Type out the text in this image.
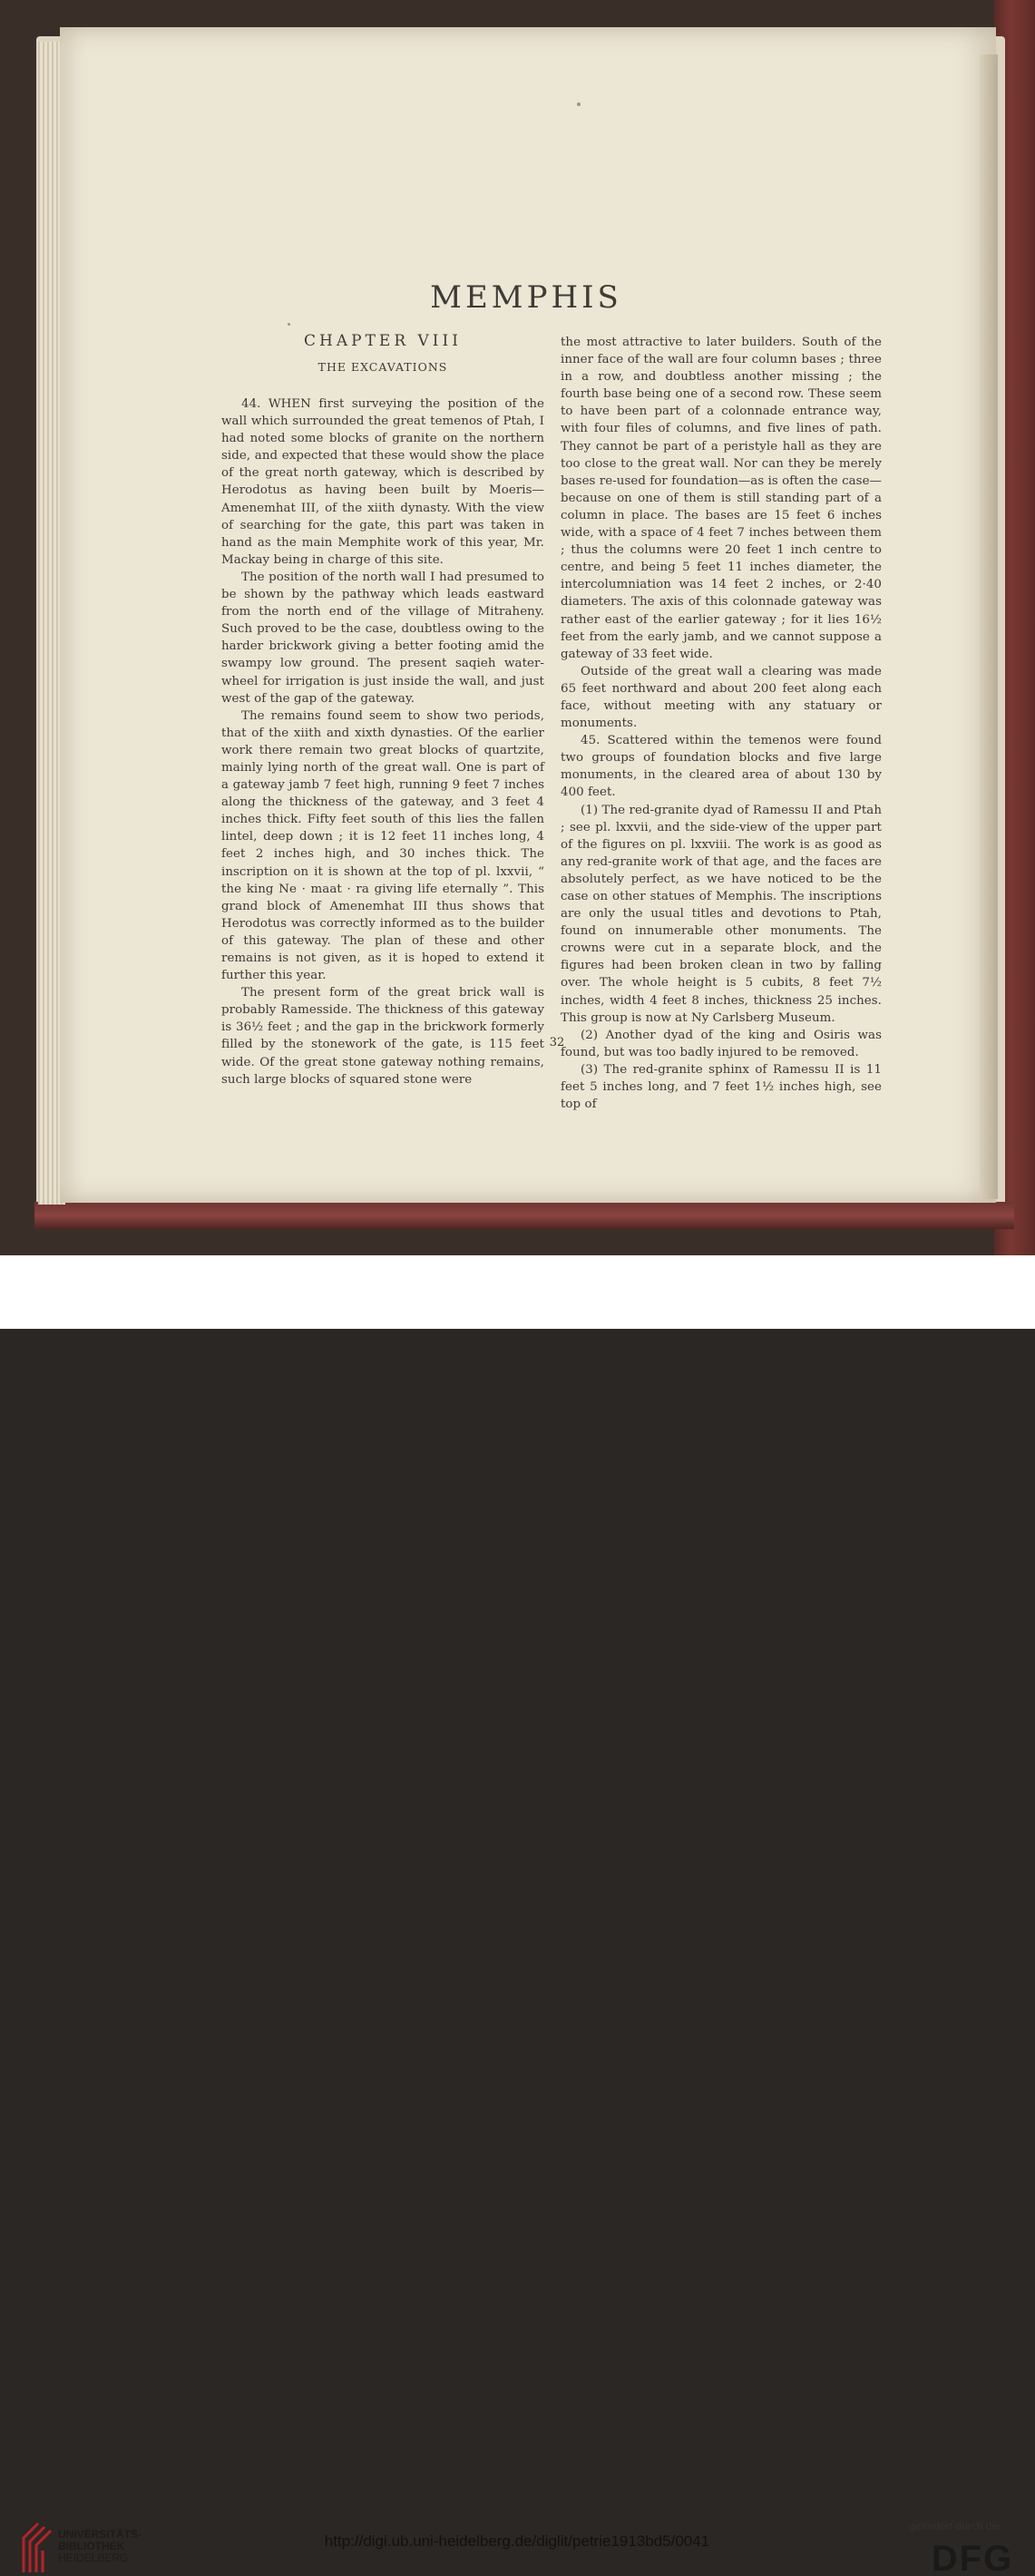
MEMPHIS
CHAPTER VIII
THE EXCAVATIONS

44. WHEN first surveying the position of the wall which surrounded the great temenos of Ptah, I had noted some blocks of granite on the northern side, and expected that these would show the place of the great north gateway, which is described by Herodotus as having been built by Moeris—Amenemhat III, of the xiith dynasty. With the view of searching for the gate, this part was taken in hand as the main Memphite work of this year, Mr. Mackay being in charge of this site.

The position of the north wall I had presumed to be shown by the pathway which leads eastward from the north end of the village of Mitraheny. Such proved to be the case, doubtless owing to the harder brickwork giving a better footing amid the swampy low ground. The present saqieh water-wheel for irrigation is just inside the wall, and just west of the gap of the gateway.

The remains found seem to show two periods, that of the xiith and xixth dynasties. Of the earlier work there remain two great blocks of quartzite, mainly lying north of the great wall. One is part of a gateway jamb 7 feet high, running 9 feet 7 inches along the thickness of the gateway, and 3 feet 4 inches thick. Fifty feet south of this lies the fallen lintel, deep down ; it is 12 feet 11 inches long, 4 feet 2 inches high, and 30 inches thick. The inscription on it is shown at the top of pl. lxxvii, “ the king Ne · maat · ra giving life eternally ”. This grand block of Amenemhat III thus shows that Herodotus was correctly informed as to the builder of this gateway. The plan of these and other remains is not given, as it is hoped to extend it further this year.

The present form of the great brick wall is probably Ramesside. The thickness of this gateway is 36½ feet ; and the gap in the brickwork formerly filled by the stonework of the gate, is 115 feet wide. Of the great stone gateway nothing remains, such large blocks of squared stone were

the most attractive to later builders. South of the inner face of the wall are four column bases ; three in a row, and doubtless another missing ; the fourth base being one of a second row. These seem to have been part of a colonnade entrance way, with four files of columns, and five lines of path. They cannot be part of a peristyle hall as they are too close to the great wall. Nor can they be merely bases re-used for foundation—as is often the case—because on one of them is still standing part of a column in place. The bases are 15 feet 6 inches wide, with a space of 4 feet 7 inches between them ; thus the columns were 20 feet 1 inch centre to centre, and being 5 feet 11 inches diameter, the intercolumniation was 14 feet 2 inches, or 2·40 diameters. The axis of this colonnade gateway was rather east of the earlier gateway ; for it lies 16½ feet from the early jamb, and we cannot suppose a gateway of 33 feet wide.

Outside of the great wall a clearing was made 65 feet northward and about 200 feet along each face, without meeting with any statuary or monuments.

45. Scattered within the temenos were found two groups of foundation blocks and five large monuments, in the cleared area of about 130 by 400 feet.

(1) The red-granite dyad of Ramessu II and Ptah ; see pl. lxxvii, and the side-view of the upper part of the figures on pl. lxxviii. The work is as good as any red-granite work of that age, and the faces are absolutely perfect, as we have noticed to be the case on other statues of Memphis. The inscriptions are only the usual titles and devotions to Ptah, found on innumerable other monuments. The crowns were cut in a separate block, and the figures had been broken clean in two by falling over. The whole height is 5 cubits, 8 feet 7½ inches, width 4 feet 8 inches, thickness 25 inches. This group is now at Ny Carlsberg Museum.

(2) Another dyad of the king and Osiris was found, but was too badly injured to be removed.

(3) The red-granite sphinx of Ramessu II is 11 feet 5 inches long, and 7 feet 1½ inches high, see top of

32
UNIVERSITÄTS-
BIBLIOTHEK
HEIDELBERG
http://digi.ub.uni-heidelberg.de/diglit/petrie1913bd5/0041
gefördert durch die
DFG
